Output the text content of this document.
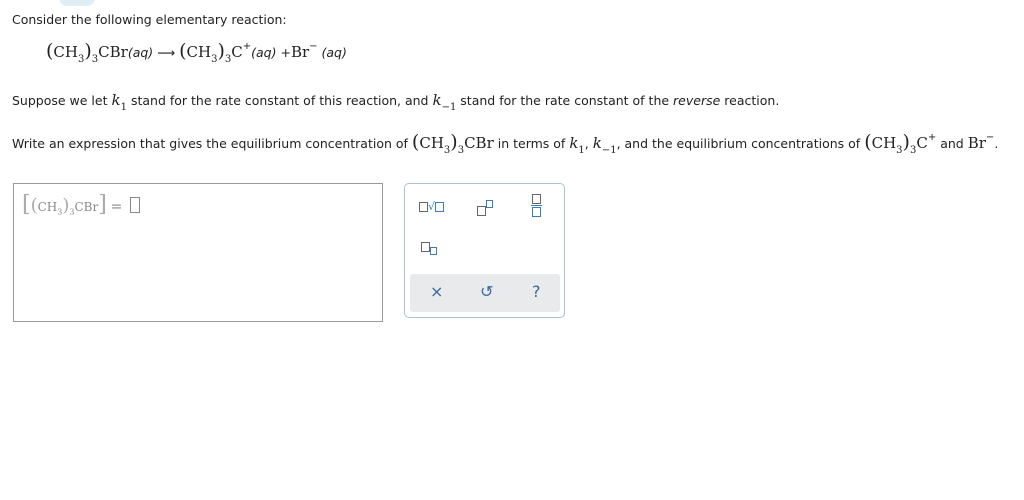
Consider the following elementary reaction:
$(CH_3)_3CBr(aq)$ ⟶ $(CH_3)_3C^+(aq) +Br^-$ (aq)
Suppose we let $k_1$ stand for the rate constant of this reaction, and $k_{-1}$ stand for the rate constant of the reverse reaction.
Write an expression that gives the equilibrium concentration of $(CH_3)_3CBr$ in terms of $k_1$, $k_{-1}$, and the equilibrium concentrations of $(CH_3)_3C^+$ and Br−.
$[(CH_3)_3CBr]$ =	√

× ↺ ?
